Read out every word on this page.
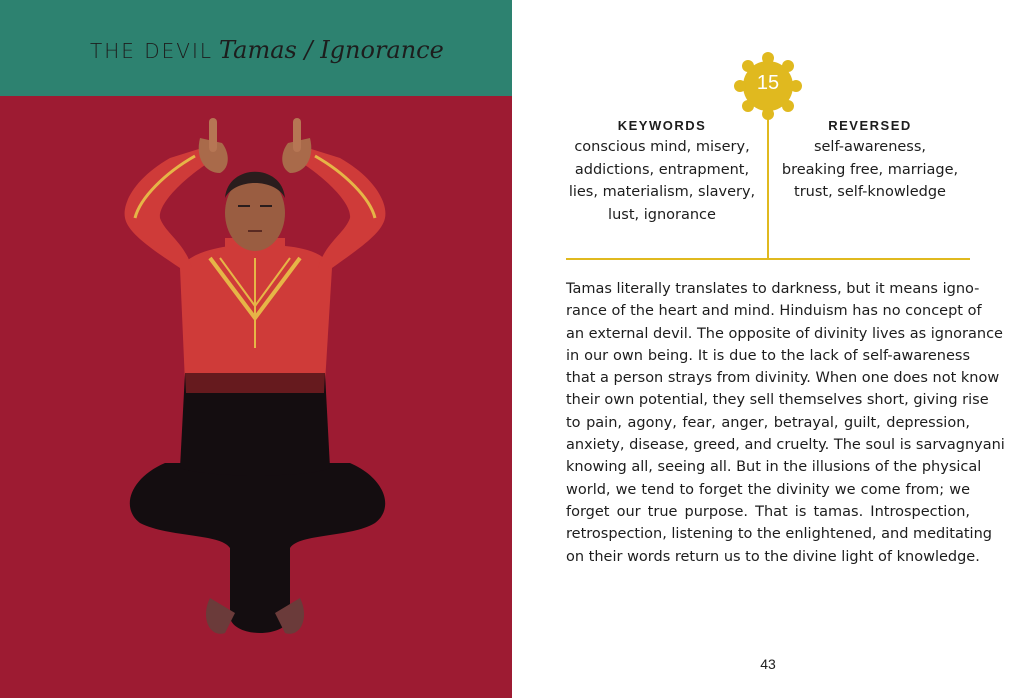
THE DEVIL Tamas / Ignorance
15
KEYWORDS
conscious mind, misery,
addictions, entrapment,
lies, materialism, slavery,
lust, ignorance
REVERSED
self-awareness,
breaking free, marriage,
trust, self-knowledge
Tamas literally translates to darkness, but it means igno-
rance of the heart and mind. Hinduism has no concept of
an external devil. The opposite of divinity lives as ignorance
in our own being. It is due to the lack of self-awareness
that a person strays from divinity. When one does not know
their own potential, they sell themselves short, giving rise
to pain, agony, fear, anger, betrayal, guilt, depression,
anxiety, disease, greed, and cruelty. The soul is sarvagnyani
knowing all, seeing all. But in the illusions of the physical
world, we tend to forget the divinity we come from; we
forget our true purpose. That is tamas. Introspection,
retrospection, listening to the enlightened, and meditating
on their words return us to the divine light of knowledge.
43
